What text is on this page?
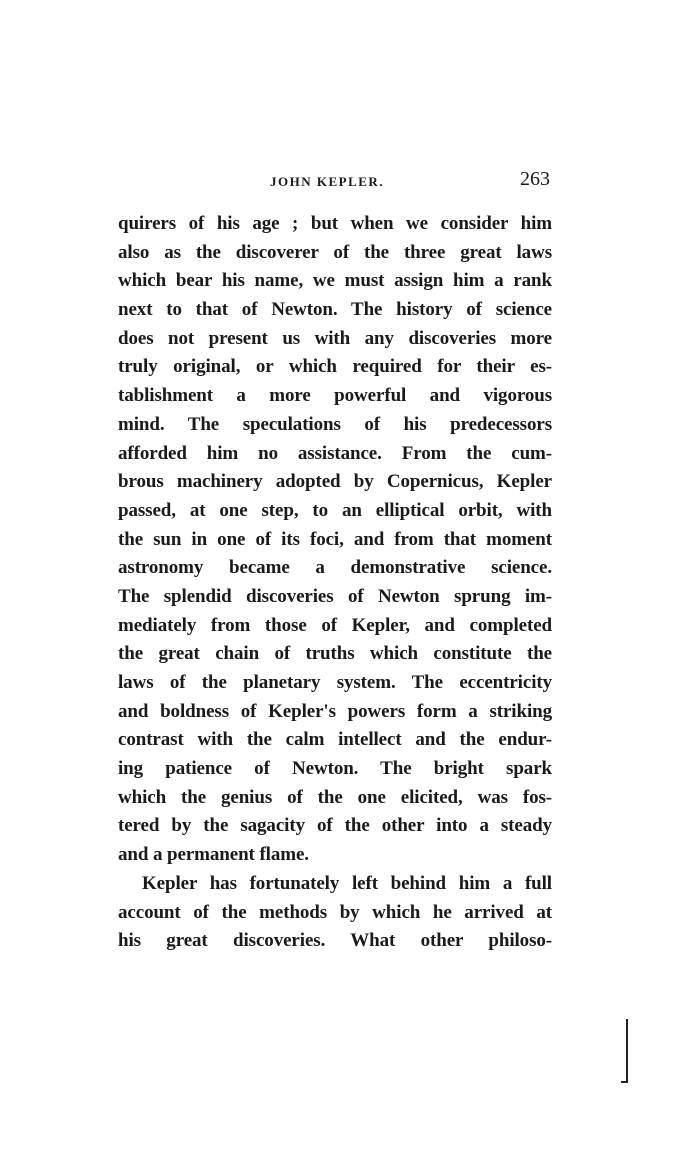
JOHN KEPLER.	263
quirers of his age ; but when we consider him
also as the discoverer of the three great laws
which bear his name, we must assign him a rank
next to that of Newton. The history of science
does not present us with any discoveries more
truly original, or which required for their es-
tablishment a more powerful and vigorous
mind. The speculations of his predecessors
afforded him no assistance. From the cum-
brous machinery adopted by Copernicus, Kepler
passed, at one step, to an elliptical orbit, with
the sun in one of its foci, and from that moment
astronomy became a demonstrative science.
The splendid discoveries of Newton sprung im-
mediately from those of Kepler, and completed
the great chain of truths which constitute the
laws of the planetary system. The eccentricity
and boldness of Kepler's powers form a striking
contrast with the calm intellect and the endur-
ing patience of Newton. The bright spark
which the genius of the one elicited, was fos-
tered by the sagacity of the other into a steady
and a permanent flame.
Kepler has fortunately left behind him a full
account of the methods by which he arrived at
his great discoveries. What other philoso-
